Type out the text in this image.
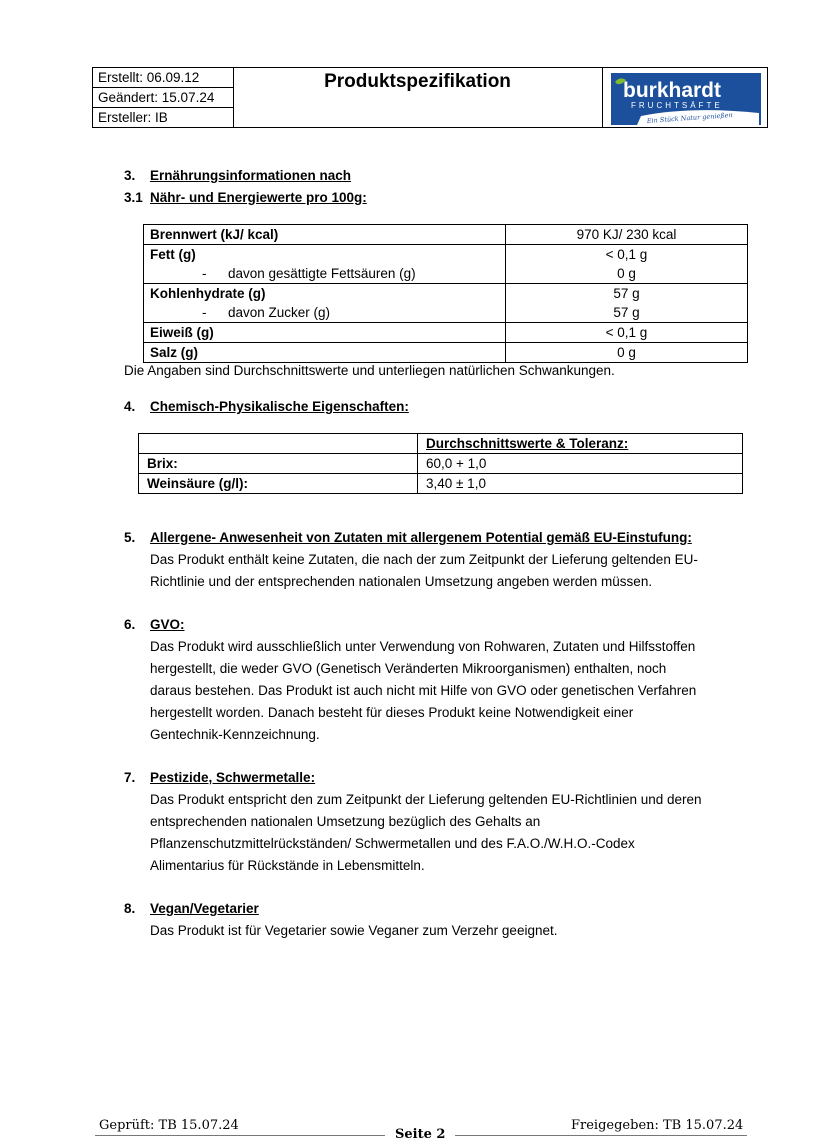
Erstellt: 06.09.12
Geändert: 15.07.24
Ersteller: IB
Produktspezifikation	burkhardt
FRUCHTSÄFTE
Ein Stück Natur genießen
3. Ernährungsinformationen nach
3.1 Nähr- und Energiewerte pro 100g:
Brennwert (kJ/ kcal)	970 KJ/ 230 kcal
Fett (g)	< 0,1 g
- davon gesättigte Fettsäuren (g)	0 g
Kohlenhydrate (g)	57 g
- davon Zucker (g)	57 g
Eiweiß (g)	< 0,1 g
Salz (g)	0 g
Die Angaben sind Durchschnittswerte und unterliegen natürlichen Schwankungen.
4. Chemisch-Physikalische Eigenschaften:
	Durchschnittswerte & Toleranz:
Brix:	60,0 + 1,0
Weinsäure (g/l):	3,40 ± 1,0
5. Allergene- Anwesenheit von Zutaten mit allergenem Potential gemäß EU-Einstufung:
Das Produkt enthält keine Zutaten, die nach der zum Zeitpunkt der Lieferung geltenden EU-
Richtlinie und der entsprechenden nationalen Umsetzung angeben werden müssen.
6. GVO:
Das Produkt wird ausschließlich unter Verwendung von Rohwaren, Zutaten und Hilfsstoffen
hergestellt, die weder GVO (Genetisch Veränderten Mikroorganismen) enthalten, noch
daraus bestehen. Das Produkt ist auch nicht mit Hilfe von GVO oder genetischen Verfahren
hergestellt worden. Danach besteht für dieses Produkt keine Notwendigkeit einer
Gentechnik-Kennzeichnung.
7. Pestizide, Schwermetalle:
Das Produkt entspricht den zum Zeitpunkt der Lieferung geltenden EU-Richtlinien und deren
entsprechenden nationalen Umsetzung bezüglich des Gehalts an
Pflanzenschutzmittelrückständen/ Schwermetallen und des F.A.O./W.H.O.-Codex
Alimentarius für Rückstände in Lebensmitteln.
8. Vegan/Vegetarier
Das Produkt ist für Vegetarier sowie Veganer zum Verzehr geeignet.
Geprüft: TB 15.07.24
Seite 2
Freigegeben: TB 15.07.24
